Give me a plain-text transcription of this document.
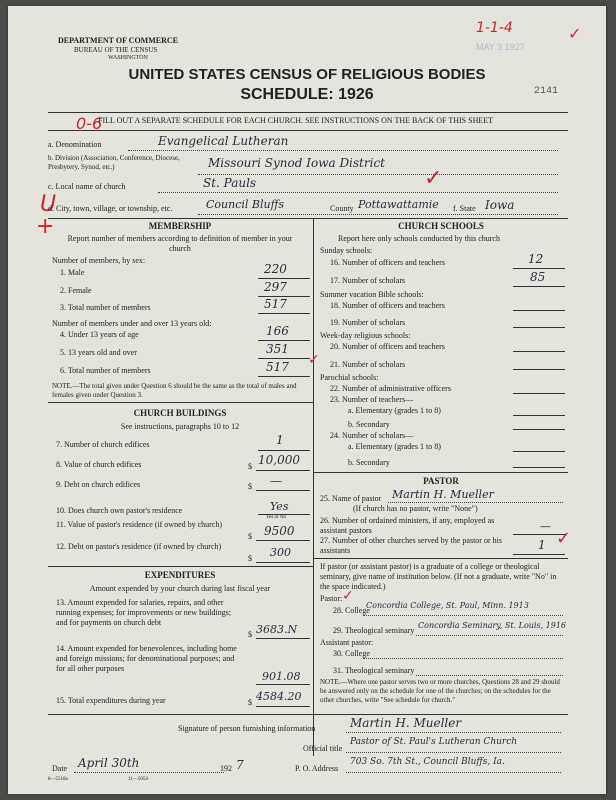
DEPARTMENT OF COMMERCE
BUREAU OF THE CENSUS
WASHINGTON
1-1-4	✓
MAY 3 1927
UNITED STATES CENSUS OF RELIGIOUS BODIES
SCHEDULE: 1926	2141
0-6
FILL OUT A SEPARATE SCHEDULE FOR EACH CHURCH. SEE INSTRUCTIONS ON THE BACK OF THIS SHEET
a. Denomination	Evangelical Lutheran
b. Division (Association, Conference, Diocese, Presbytery, Synod, etc.)	Missouri Synod Iowa District
c. Local name of church	St. Pauls	✓
U
+
d. City, town, village, or township, etc.	Council Bluffs	County Pottawattamie f. State Iowa
MEMBERSHIP
Report number of members according to definition of member in your church
Number of members, by sex:
1. Male	220
2. Female	297
3. Total number of members	517
Number of members under and over 13 years old:
4. Under 13 years of age	166
5. 13 years old and over	351
6. Total number of members	517 ✓
NOTE.—The total given under Question 6 should be the same as the total of males and females given under Question 3.
CHURCH BUILDINGS
See instructions, paragraphs 10 to 12
7. Number of church edifices	1
8. Value of church edifices	$ 10,000
9. Debt on church edifices	$ —
10. Does church own pastor's residence	Yes
Yes or No
11. Value of pastor's residence (if owned by church)
$ 9500
12. Debt on pastor's residence (if owned by church)
$ 300
EXPENDITURES
Amount expended by your church during last fiscal year
13. Amount expended for salaries, repairs, and other running expenses; for improvements or new buildings; and for payments on church debt
$ 3683.N
14. Amount expended for benevolences, including home and foreign missions; for denominational purposes; and for all other purposes
901.08
15. Total expenditures during year	$ 4584.20
CHURCH SCHOOLS
Report here only schools conducted by this church
Sunday schools:
16. Number of officers and teachers	12
17. Number of scholars	85
Summer vacation Bible schools:
18. Number of officers and teachers
19. Number of scholars
Week-day religious schools:
20. Number of officers and teachers
21. Number of scholars
Parochial schools:
22. Number of administrative officers
23. Number of teachers—
a. Elementary (grades 1 to 8)
b. Secondary
24. Number of scholars—
a. Elementary (grades 1 to 8)
b. Secondary
PASTOR
25. Name of pastor Martin H. Mueller
(If church has no pastor, write "None")
26. Number of ordained ministers, if any, employed as assistant pastors	—
27. Number of other churches served by the pastor or his assistants	1 ✓
If pastor (or assistant pastor) is a graduate of a college or theological seminary, give name of institution below. (If not a graduate, write "No" in the space indicated.)
Pastor: ✓
28. College
Concordia College, St. Paul, Minn. 1913
29. Theological seminary
Concordia Seminary, St. Louis, 1916
Assistant pastor:
30. College
31. Theological seminary
NOTE.—Where one pastor serves two or more churches, Questions 28 and 29 should be answered only on the schedule for one of the churches; on the schedules for the other churches, write "See schedule for church."
Signature of person furnishing information	Martin H. Mueller
Official title
Pastor of St. Paul's Lutheran Church
Date April 30th	192 7	P. O. Address
703 So. 7th St., Council Bluffs, Ia.
8—5518a	11—5054
